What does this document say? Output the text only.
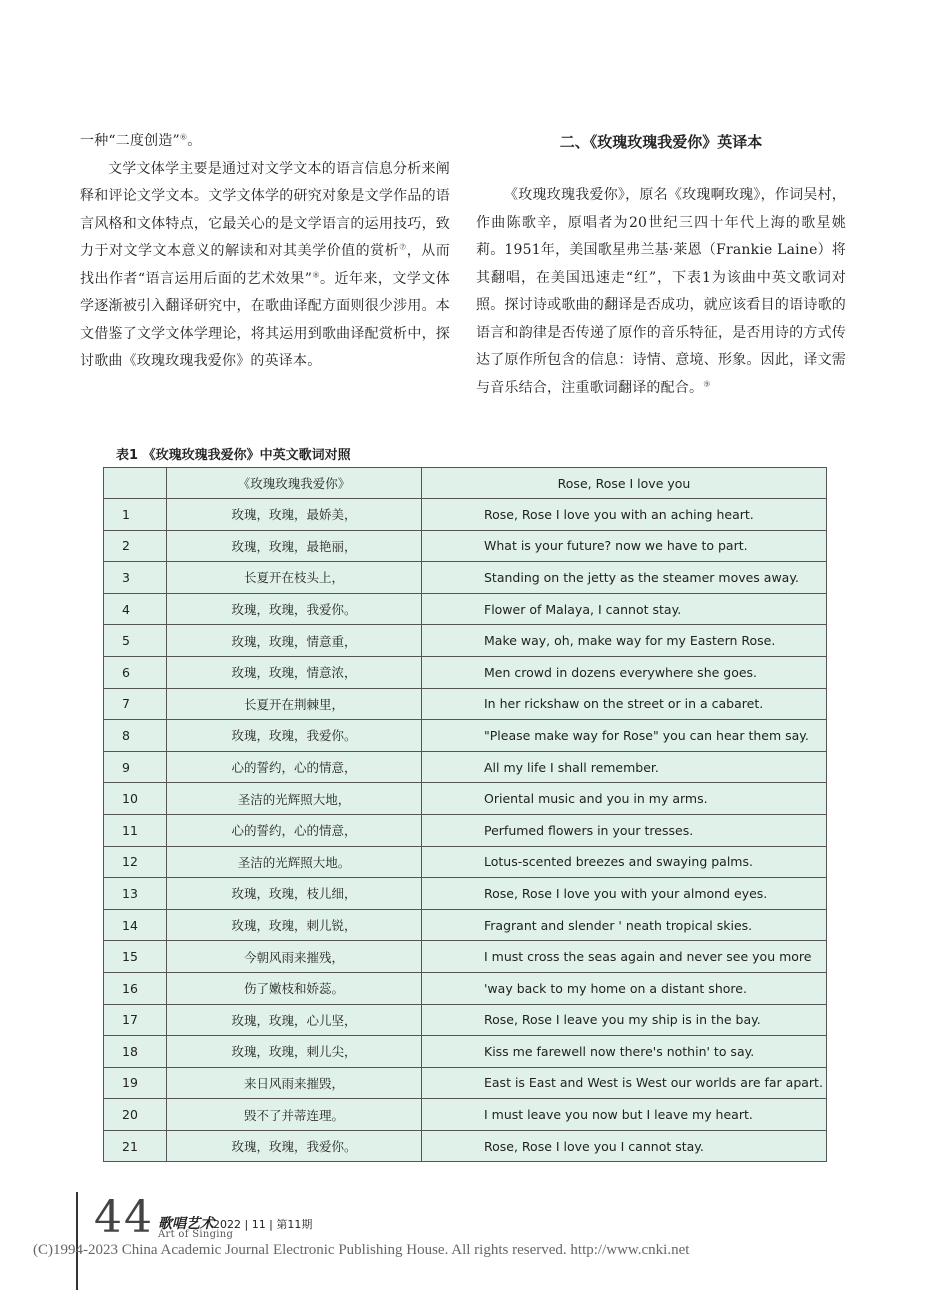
一种“二度创造”⑥。

文学文体学主要是通过对文学文本的语言信息分析来阐释和评论文学文本。文学文体学的研究对象是文学作品的语言风格和文体特点，它最关心的是文学语言的运用技巧，致力于对文学文本意义的解读和对其美学价值的赏析⑦，从而找出作者“语言运用后面的艺术效果”⑧。近年来，文学文体学逐渐被引入翻译研究中，在歌曲译配方面则很少涉用。本文借鉴了文学文体学理论，将其运用到歌曲译配赏析中，探讨歌曲《玫瑰玫瑰我爱你》的英译本。

二、《玫瑰玫瑰我爱你》英译本

《玫瑰玫瑰我爱你》，原名《玫瑰啊玫瑰》，作词吴村，作曲陈歌辛，原唱者为20世纪三四十年代上海的歌星姚莉。1951年，美国歌星弗兰基·莱恩（Frankie Laine）将其翻唱，在美国迅速走“红”，下表1为该曲中英文歌词对照。探讨诗或歌曲的翻译是否成功，就应该看目的语诗歌的语言和韵律是否传递了原作的音乐特征，是否用诗的方式传达了原作所包含的信息：诗情、意境、形象。因此，译文需与音乐结合，注重歌词翻译的配合。⑨

表1 《玫瑰玫瑰我爱你》中英文歌词对照
	《玫瑰玫瑰我爱你》	Rose, Rose I love you
1	玫瑰，玫瑰，最娇美，	Rose, Rose I love you with an aching heart.
2	玫瑰，玫瑰，最艳丽，	What is your future? now we have to part.
3	长夏开在枝头上，	Standing on the jetty as the steamer moves away.
4	玫瑰，玫瑰，我爱你。	Flower of Malaya, I cannot stay.
5	玫瑰，玫瑰，情意重，	Make way, oh, make way for my Eastern Rose.
6	玫瑰，玫瑰，情意浓，	Men crowd in dozens everywhere she goes.
7	长夏开在荆棘里，	In her rickshaw on the street or in a cabaret.
8	玫瑰，玫瑰，我爱你。	"Please make way for Rose" you can hear them say.
9	心的誓约，心的情意，	All my life I shall remember.
10	圣洁的光辉照大地，	Oriental music and you in my arms.
11	心的誓约，心的情意，	Perfumed flowers in your tresses.
12	圣洁的光辉照大地。	Lotus-scented breezes and swaying palms.
13	玫瑰，玫瑰，枝儿细，	Rose, Rose I love you with your almond eyes.
14	玫瑰，玫瑰，刺儿锐，	Fragrant and slender ' neath tropical skies.
15	今朝风雨来摧残，	I must cross the seas again and never see you more
16	伤了嫩枝和娇蕊。	'way back to my home on a distant shore.
17	玫瑰，玫瑰，心儿坚，	Rose, Rose I leave you my ship is in the bay.
18	玫瑰，玫瑰，刺儿尖，	Kiss me farewell now there's nothin' to say.
19	来日风雨来摧毁，	East is East and West is West our worlds are far apart.
20	毁不了并蒂连理。	I must leave you now but I leave my heart.
21	玫瑰，玫瑰，我爱你。	Rose, Rose I love you I cannot stay.
44 歌唱艺术 2022 | 11 | 第11期
Art of Singing
(C)1994-2023 China Academic Journal Electronic Publishing House. All rights reserved. http://www.cnki.net
